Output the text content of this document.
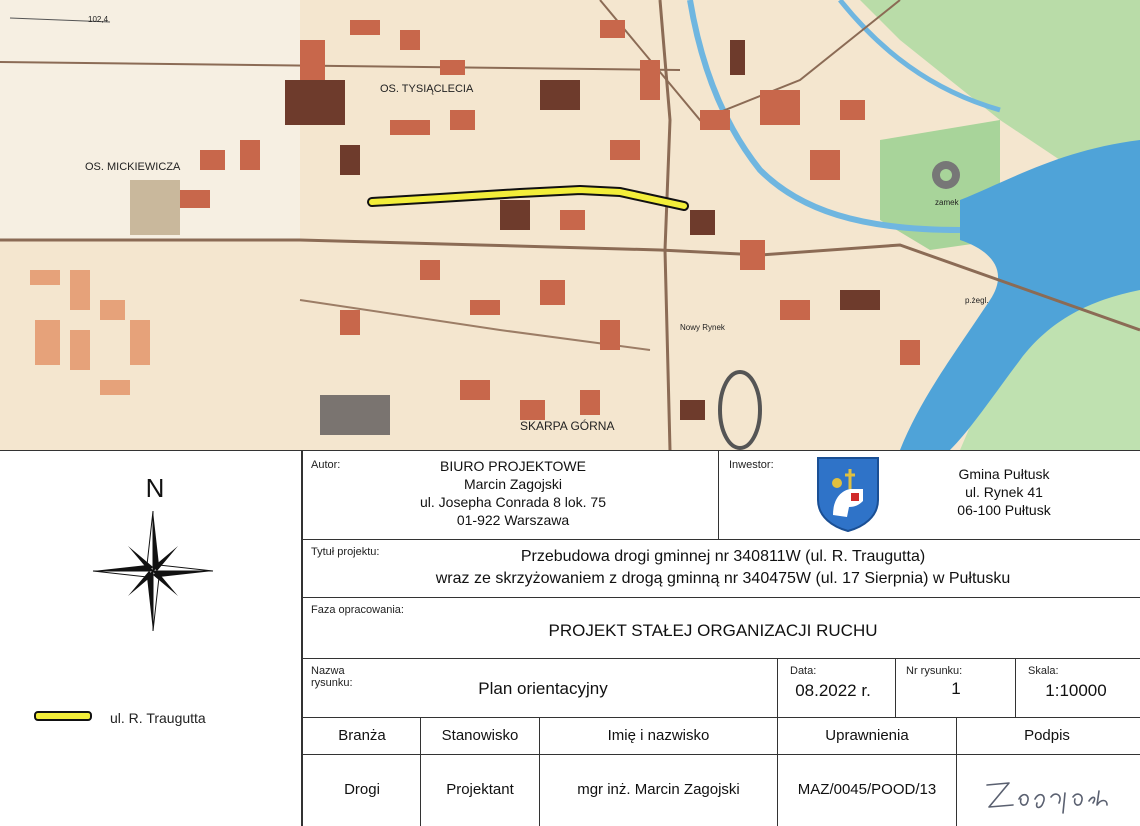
OS. MICKIEWICZA
OS. TYSIĄCLECIA
SKARPA GÓRNA
102,4
Nowy Rynek
zamek
p.żegl.
N
ul. R. Traugutta
Autor:	BIURO PROJEKTOWE
Marcin Zagojski
ul. Josepha Conrada 8 lok. 75
01-922 Warszawa
Inwestor:
Gmina Pułtusk
ul. Rynek 41
06-100 Pułtusk
Tytuł projektu:	Przebudowa drogi gminnej nr 340811W (ul. R. Traugutta)
wraz ze skrzyżowaniem z drogą gminną nr 340475W (ul. 17 Sierpnia) w Pułtusku
Faza opracowania:
PROJEKT STAŁEJ ORGANIZACJI RUCHU
Nazwa
rysunku:	Plan orientacyjny
Data:
08.2022 r.
Nr rysunku:
1
Skala:
1:10000
Branża	Stanowisko	Imię i nazwisko	Uprawnienia	Podpis
Drogi	Projektant	mgr inż. Marcin Zagojski	MAZ/0045/POOD/13
